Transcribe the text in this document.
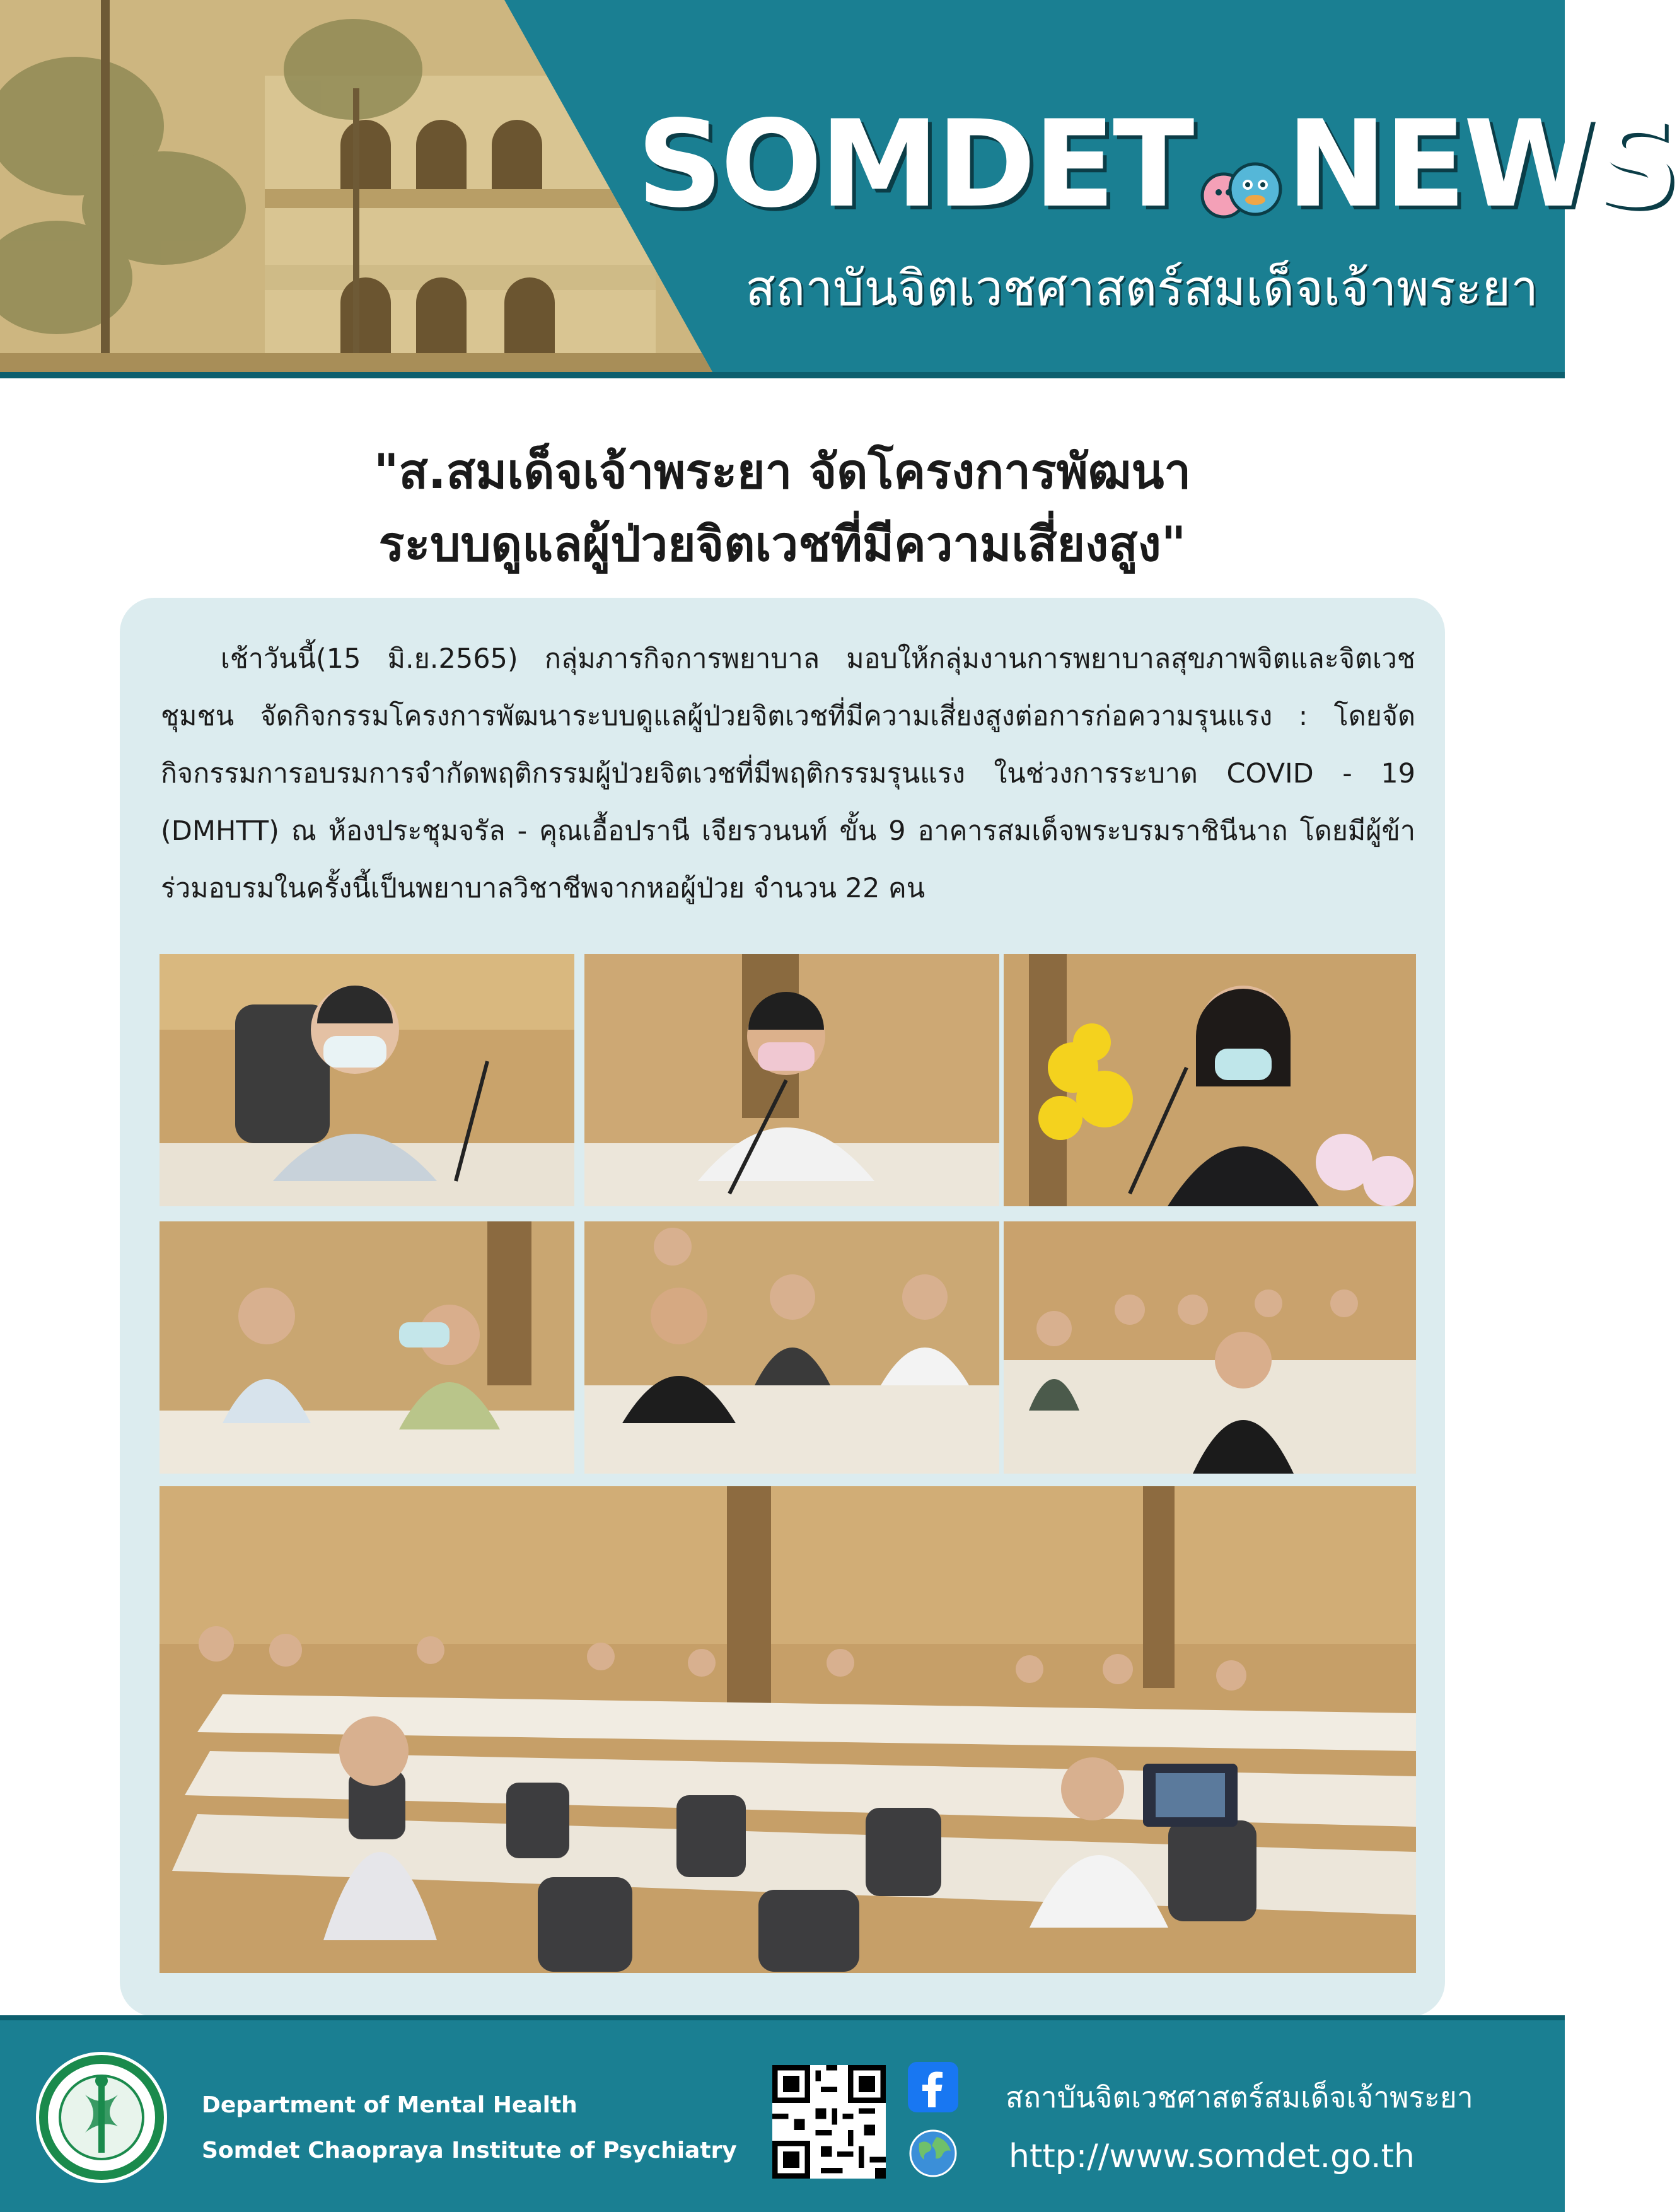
SOMDET NEWS
สถาบันจิตเวชศาสตร์สมเด็จเจ้าพระยา
"ส.สมเด็จเจ้าพระยา จัดโครงการพัฒนา
ระบบดูแลผู้ป่วยจิตเวชที่มีความเสี่ยงสูง"

เช้าวันนี้(15 มิ.ย.2565) กลุ่มภารกิจการพยาบาล มอบให้กลุ่มงานการพยาบาลสุขภาพจิตและจิตเวชชุมชน จัดกิจกรรมโครงการพัฒนาระบบดูแลผู้ป่วยจิตเวชที่มีความเสี่ยงสูงต่อการก่อความรุนแรง : โดยจัดกิจกรรมการอบรมการจำกัดพฤติกรรมผู้ป่วยจิตเวชที่มีพฤติกรรมรุนแรง ในช่วงการระบาด COVID - 19 (DMHTT) ณ ห้องประชุมจรัล - คุณเอื้อปรานี เจียรวนนท์ ขั้น 9 อาคารสมเด็จพระบรมราชินีนาถ โดยมีผู้ข้าร่วมอบรมในครั้งนี้เป็นพยาบาลวิชาชีพจากหอผู้ป่วย จำนวน 22 คน

Department of Mental Health
Somdet Chaopraya Institute of Psychiatry
สถาบันจิตเวชศาสตร์สมเด็จเจ้าพระยา
http://www.somdet.go.th
